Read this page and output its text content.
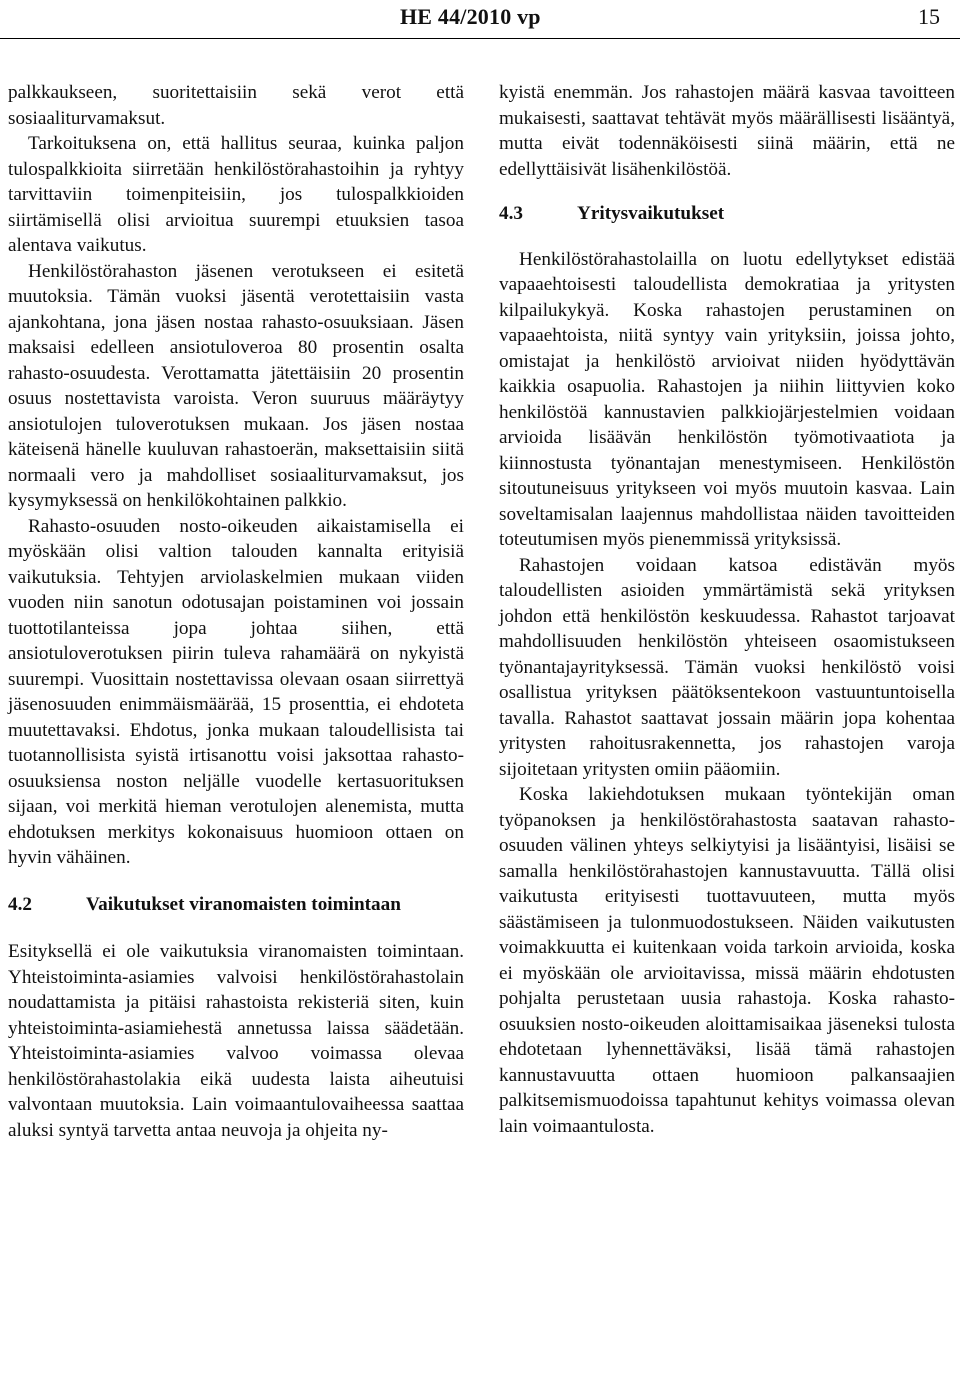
HE 44/2010 vp	15

palkkaukseen, suoritettaisiin sekä verot että sosiaaliturvamaksut.

Tarkoituksena on, että hallitus seuraa, kuinka paljon tulospalkkioita siirretään henkilöstörahastoihin ja ryhtyy tarvittaviin toimenpiteisiin, jos tulospalkkioiden siirtämisellä olisi arvioitua suurempi etuuksien tasoa alentava vaikutus.

Henkilöstörahaston jäsenen verotukseen ei esitetä muutoksia. Tämän vuoksi jäsentä verotettaisiin vasta ajankohtana, jona jäsen nostaa rahasto-osuuksiaan. Jäsen maksaisi edelleen ansiotuloveroa 80 prosentin osalta rahasto-osuudesta. Verottamatta jätettäisiin 20 prosentin osuus nostettavista varoista. Veron suuruus määräytyy ansiotulojen tuloverotuksen mukaan. Jos jäsen nostaa käteisenä hänelle kuuluvan rahastoerän, maksettaisiin siitä normaali vero ja mahdolliset sosiaaliturvamaksut, jos kysymyksessä on henkilökohtainen palkkio.

Rahasto-osuuden nosto-oikeuden aikaistamisella ei myöskään olisi valtion talouden kannalta erityisiä vaikutuksia. Tehtyjen arviolaskelmien mukaan viiden vuoden niin sanotun odotusajan poistaminen voi jossain tuottotilanteissa jopa johtaa siihen, että ansiotuloverotuksen piirin tuleva rahamäärä on nykyistä suurempi. Vuosittain nostettavissa olevaan osaan siirrettyä jäsenosuuden enimmäismäärää, 15 prosenttia, ei ehdoteta muutettavaksi. Ehdotus, jonka mukaan taloudellisista tai tuotannollisista syistä irtisanottu voisi jaksottaa rahasto-osuuksiensa noston neljälle vuodelle kertasuorituksen sijaan, voi merkitä hieman verotulojen alenemista, mutta ehdotuksen merkitys kokonaisuus huomioon ottaen on hyvin vähäinen.

4.2	Vaikutukset viranomaisten toimintaan

Esityksellä ei ole vaikutuksia viranomaisten toimintaan. Yhteistoiminta-asiamies valvoisi henkilöstörahastolain noudattamista ja pitäisi rahastoista rekisteriä siten, kuin yhteistoiminta-asiamiehestä annetussa laissa säädetään. Yhteistoiminta-asiamies valvoo voimassa olevaa henkilöstörahastolakia eikä uudesta laista aiheutuisi valvontaan muutoksia. Lain voimaantulovaiheessa saattaa aluksi syntyä tarvetta antaa neuvoja ja ohjeita ny-

kyistä enemmän. Jos rahastojen määrä kasvaa tavoitteen mukaisesti, saattavat tehtävät myös määrällisesti lisääntyä, mutta eivät todennäköisesti siinä määrin, että ne edellyttäisivät lisähenkilöstöä.

4.3	Yritysvaikutukset

Henkilöstörahastolailla on luotu edellytykset edistää vapaaehtoisesti taloudellista demokratiaa ja yritysten kilpailukykyä. Koska rahastojen perustaminen on vapaaehtoista, niitä syntyy vain yrityksiin, joissa johto, omistajat ja henkilöstö arvioivat niiden hyödyttävän kaikkia osapuolia. Rahastojen ja niihin liittyvien koko henkilöstöä kannustavien palkkiojärjestelmien voidaan arvioida lisäävän henkilöstön työmotivaatiota ja kiinnostusta työnantajan menestymiseen. Henkilöstön sitoutuneisuus yritykseen voi myös muutoin kasvaa. Lain soveltamisalan laajennus mahdollistaa näiden tavoitteiden toteutumisen myös pienemmissä yrityksissä.

Rahastojen voidaan katsoa edistävän myös taloudellisten asioiden ymmärtämistä sekä yrityksen johdon että henkilöstön keskuudessa. Rahastot tarjoavat mahdollisuuden henkilöstön yhteiseen osaomistukseen työnantajayrityksessä. Tämän vuoksi henkilöstö voisi osallistua yrityksen päätöksentekoon vastuuntuntoisella tavalla. Rahastot saattavat jossain määrin jopa kohentaa yritysten rahoitusrakennetta, jos rahastojen varoja sijoitetaan yritysten omiin pääomiin.

Koska lakiehdotuksen mukaan työntekijän oman työpanoksen ja henkilöstörahastosta saatavan rahasto-osuuden välinen yhteys selkiytyisi ja lisääntyisi, lisäisi se samalla henkilöstörahastojen kannustavuutta. Tällä olisi vaikutusta erityisesti tuottavuuteen, mutta myös säästämiseen ja tulonmuodostukseen. Näiden vaikutusten voimakkuutta ei kuitenkaan voida tarkoin arvioida, koska ei myöskään ole arvioitavissa, missä määrin ehdotusten pohjalta perustetaan uusia rahastoja. Koska rahasto-osuuksien nosto-oikeuden aloittamisaikaa jäseneksi tulosta ehdotetaan lyhennettäväksi, lisää tämä rahastojen kannustavuutta ottaen huomioon palkansaajien palkitsemismuodoissa tapahtunut kehitys voimassa olevan lain voimaantulosta.
